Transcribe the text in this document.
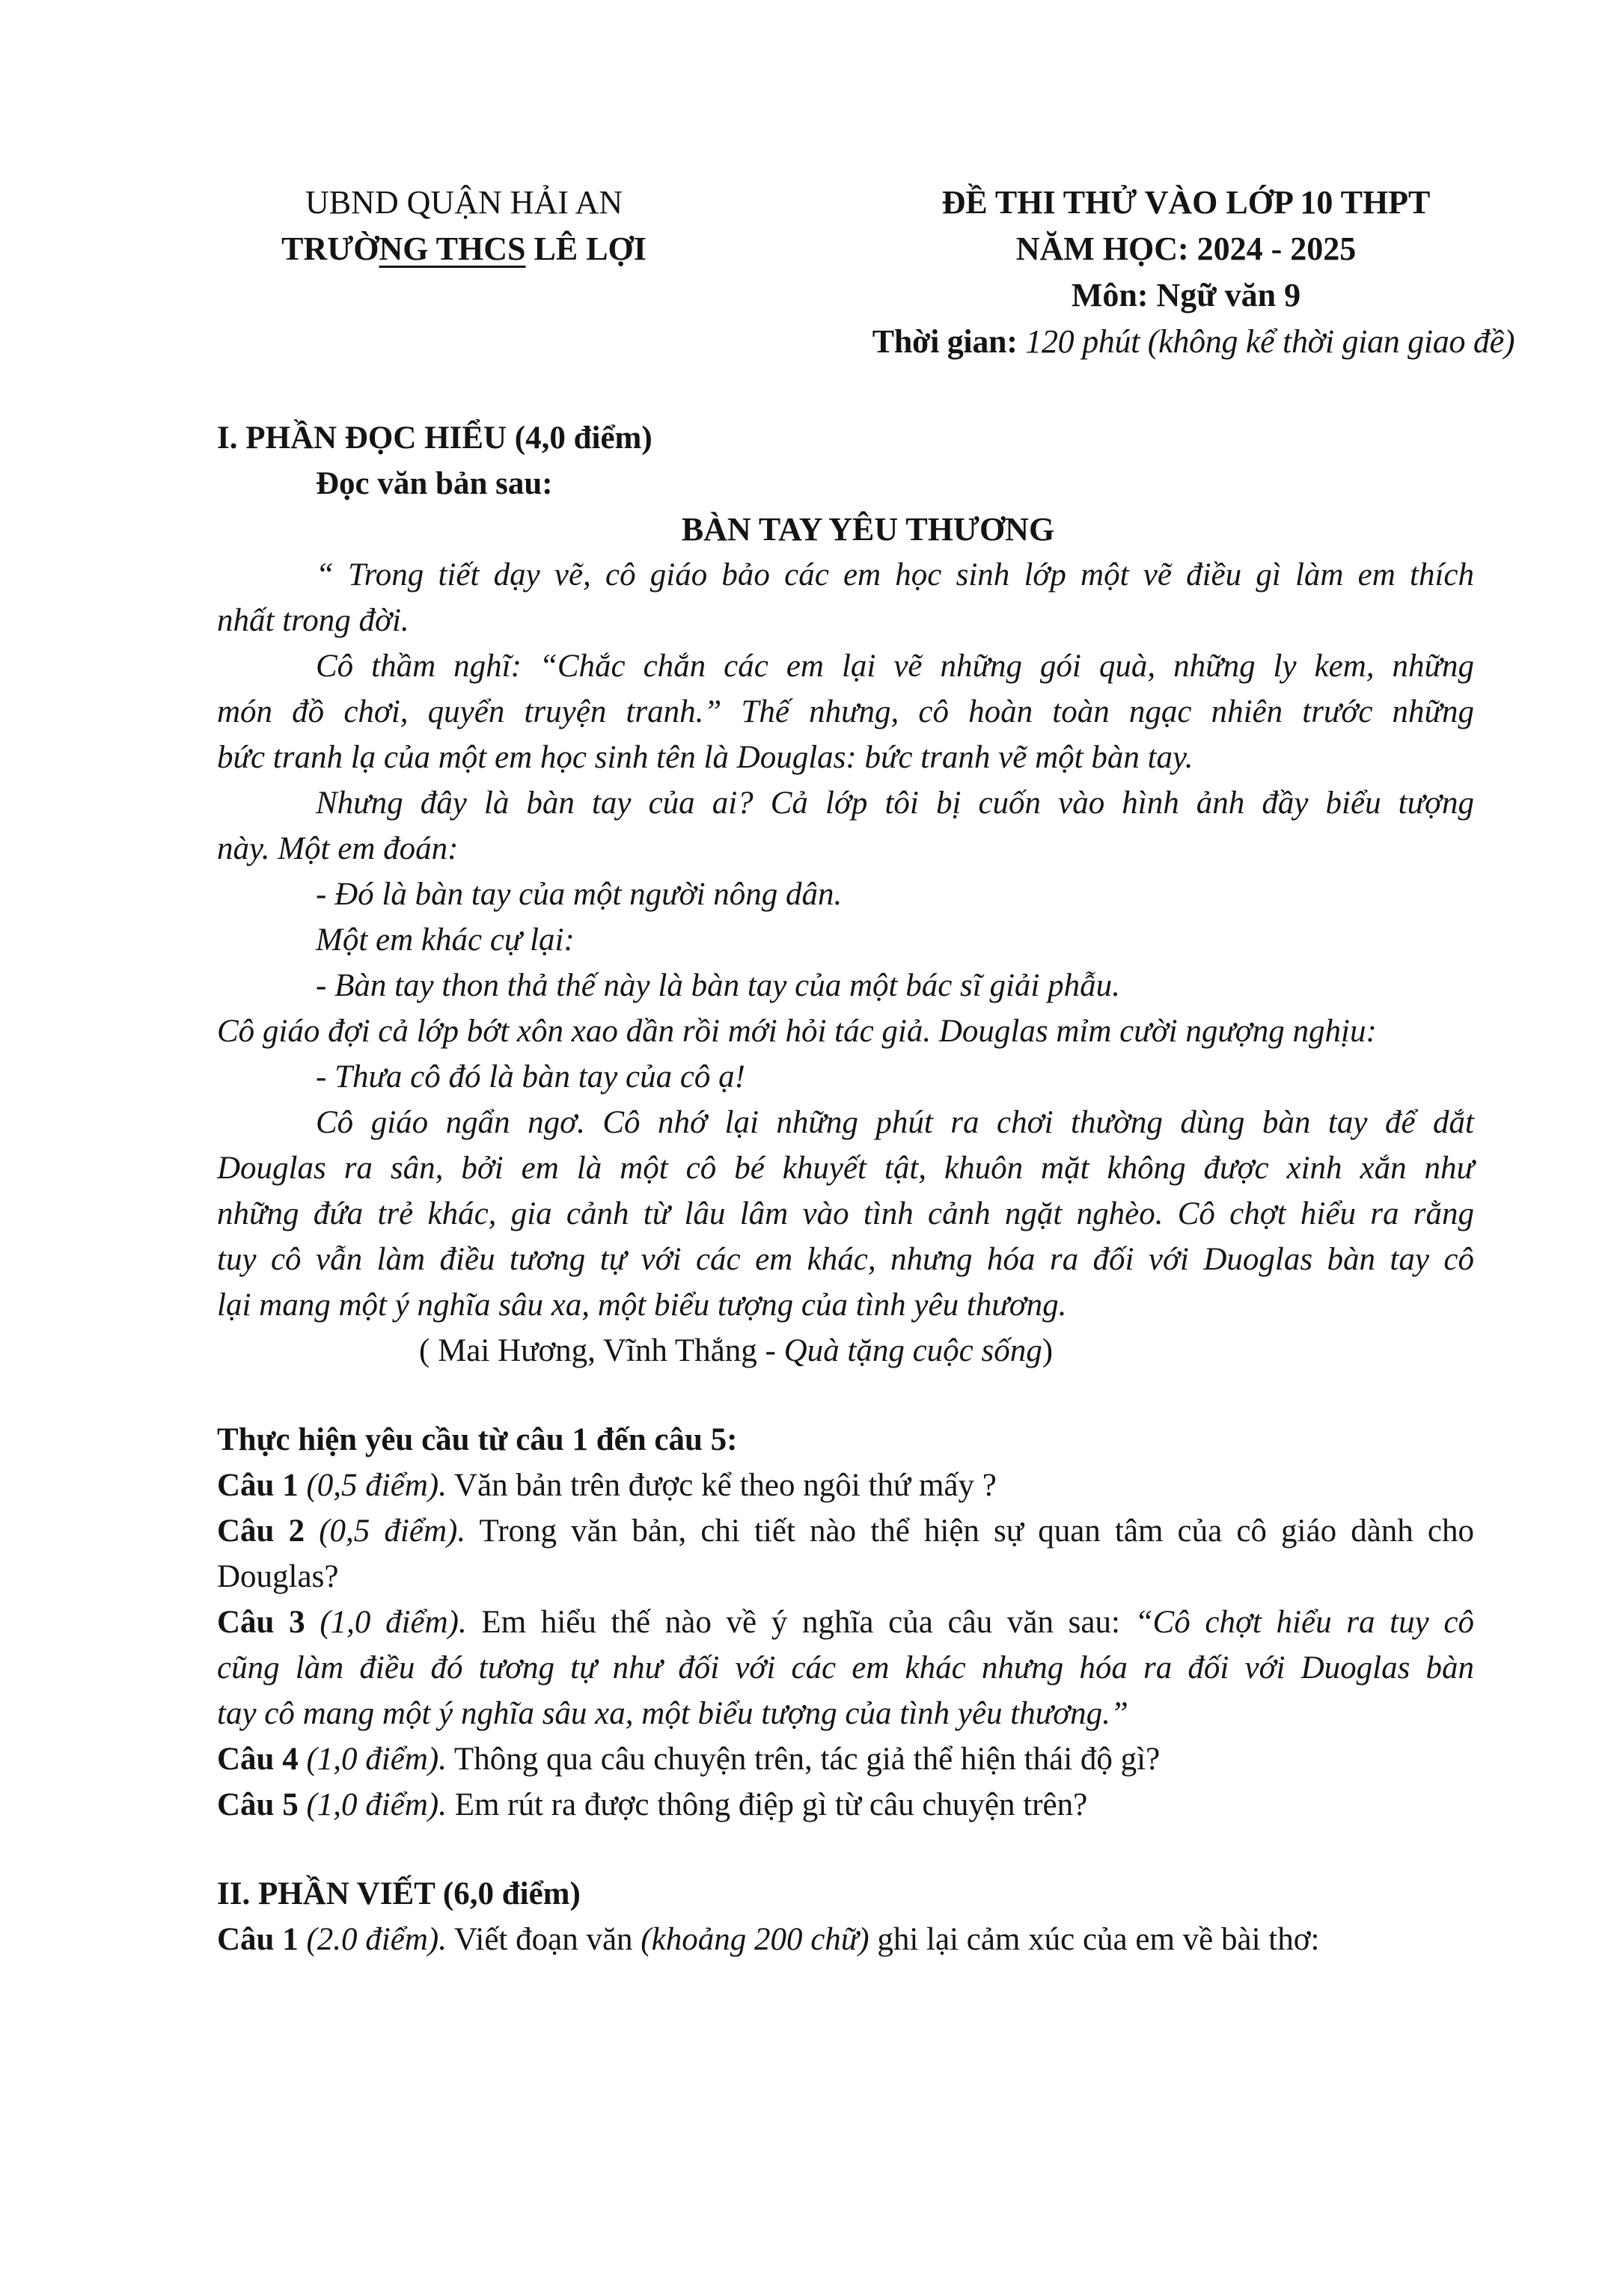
UBND QUẬN HẢI AN
TRƯỜNG THCS LÊ LỢI
ĐỀ THI THỬ VÀO LỚP 10 THPT
NĂM HỌC: 2024 - 2025
Môn: Ngữ văn 9
Thời gian: 120 phút (không kể thời gian giao đề)
I. PHẦN ĐỌC HIỂU (4,0 điểm)
Đọc văn bản sau:
BÀN TAY YÊU THƯƠNG
“ Trong tiết dạy vẽ, cô giáo bảo các em học sinh lớp một vẽ điều gì làm em thích
nhất trong đời.
Cô thầm nghĩ: “Chắc chắn các em lại vẽ những gói quà, những ly kem, những
món đồ chơi, quyển truyện tranh.” Thế nhưng, cô hoàn toàn ngạc nhiên trước những
bức tranh lạ của một em học sinh tên là Douglas: bức tranh vẽ một bàn tay.
Nhưng đây là bàn tay của ai? Cả lớp tôi bị cuốn vào hình ảnh đầy biểu tượng
này. Một em đoán:
- Đó là bàn tay của một người nông dân.
Một em khác cự lại:
- Bàn tay thon thả thế này là bàn tay của một bác sĩ giải phẫu.
Cô giáo đợi cả lớp bớt xôn xao dần rồi mới hỏi tác giả. Douglas mỉm cười ngượng nghịu:
- Thưa cô đó là bàn tay của cô ạ!
Cô giáo ngẩn ngơ. Cô nhớ lại những phút ra chơi thường dùng bàn tay để dắt
Douglas ra sân, bởi em là một cô bé khuyết tật, khuôn mặt không được xinh xắn như
những đứa trẻ khác, gia cảnh từ lâu lâm vào tình cảnh ngặt nghèo. Cô chợt hiểu ra rằng
tuy cô vẫn làm điều tương tự với các em khác, nhưng hóa ra đối với Duoglas bàn tay cô
lại mang một ý nghĩa sâu xa, một biểu tượng của tình yêu thương.
( Mai Hương, Vĩnh Thắng - Quà tặng cuộc sống)
Thực hiện yêu cầu từ câu 1 đến câu 5:
Câu 1 (0,5 điểm). Văn bản trên được kể theo ngôi thứ mấy ?
Câu 2 (0,5 điểm). Trong văn bản, chi tiết nào thể hiện sự quan tâm của cô giáo dành cho
Douglas?
Câu 3 (1,0 điểm). Em hiểu thế nào về ý nghĩa của câu văn sau: “Cô chợt hiểu ra tuy cô
cũng làm điều đó tương tự như đối với các em khác nhưng hóa ra đối với Duoglas bàn
tay cô mang một ý nghĩa sâu xa, một biểu tượng của tình yêu thương.”
Câu 4 (1,0 điểm). Thông qua câu chuyện trên, tác giả thể hiện thái độ gì?
Câu 5 (1,0 điểm). Em rút ra được thông điệp gì từ câu chuyện trên?
II. PHẦN VIẾT (6,0 điểm)
Câu 1 (2.0 điểm). Viết đoạn văn (khoảng 200 chữ) ghi lại cảm xúc của em về bài thơ:
